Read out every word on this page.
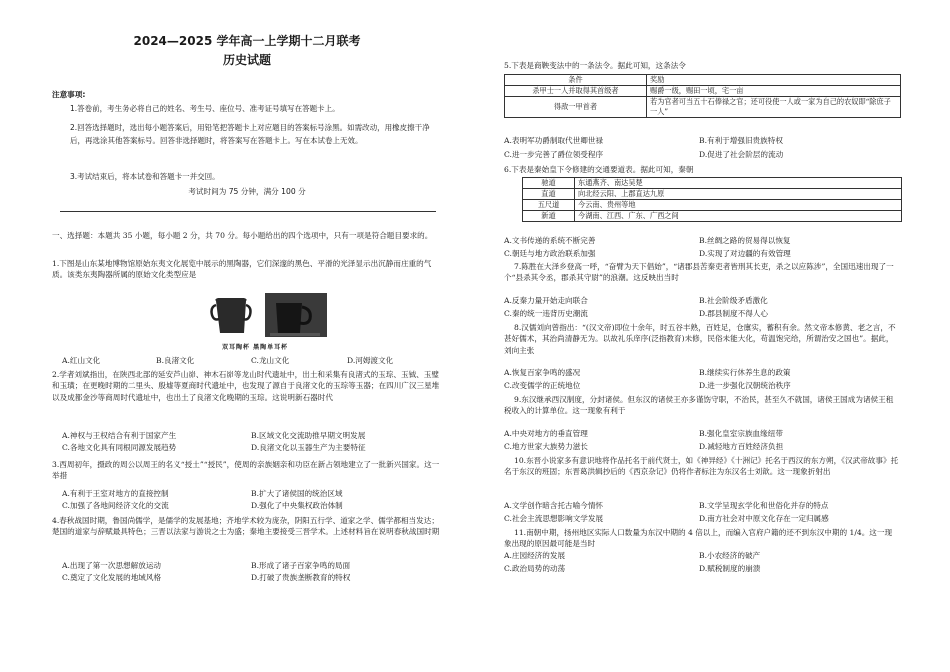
2024—2025 学年高一上学期十二月联考
历史试题
注意事项:
1.答卷前，考生务必将自己的姓名、考生号、座位号、准考证号填写在答题卡上。
2.回答选择题时，选出每小题答案后，用铅笔把答题卡上对应题目的答案标号涂黑。如需改动，用橡皮擦干净后，再选涂其他答案标号。回答非选择题时，将答案写在答题卡上。写在本试卷上无效。
3.考试结束后，将本试卷和答题卡一并交回。
考试时间为 75 分钟，满分 100 分
一、选择题：本题共 35 小题，每小题 2 分，共 70 分。每小题给出的四个选项中，只有一项是符合题目要求的。
1.下图是山东某地博物馆原始东夷文化展览中展示的黑陶器，它们深邃的黑色、平滑的光泽显示出沉静而庄重的气质。该类东夷陶器所属的原始文化类型应是
双耳陶杯 黑陶单耳杯
A.红山文化	B.良渚文化	C.龙山文化	D.河姆渡文化
2.学者刘斌指出，在陕西北部的延安芦山峁、神木石峁等龙山时代遗址中，出土和采集有良渚式的玉琮、玉钺、玉璧和玉璜；在更晚时期的二里头、殷墟等夏商时代遗址中，也发现了源自于良渚文化的玉琮等玉器；在四川广汉三星堆以及成都金沙等商周时代遗址中，也出土了良渚文化晚期的玉琮。这说明新石器时代
A.神权与王权结合有利于国家产生	B.区域文化交流助推早期文明发展
C.各地文化具有同根同源发展趋势	D.良渚文化以玉器生产为主要特征
3.西周初年，摄政的周公以周王的名义“授土”“授民”，使周的亲族姻亲和功臣在新占领地建立了一批新兴国家。这一举措
A.有利于王室对地方的直接控制	B.扩大了诸侯国的统治区域
C.加强了各地间经济文化的交流	D.强化了中央集权政治体制
4.春秋战国时期，鲁国尚儒学，是儒学的发展基地；齐地学术较为庞杂，阴阳五行学、道家之学、儒学都相当发达；楚国的道家与辞赋最具特色；三晋以法家与游说之士为盛；秦地主要接受三晋学术。上述材料旨在说明春秋战国时期
A.出现了第一次思想解放运动	B.形成了诸子百家争鸣的局面
C.奠定了文化发展的地域风格	D.打破了贵族垄断教育的特权
5.下表是商鞅变法中的一条法令。据此可知，这条法令
条件	奖励
杀甲士一人并取得其首级者	赐爵一级，赐田一顷，宅一亩
得敌一甲首者	若为官者可当五十石俸禄之官；还可役使一人或一家为自己的农奴即“除庶子一人”
A.表明军功爵制取代世卿世禄	B.有利于增强旧贵族特权
C.进一步完善了爵位领受程序	D.促进了社会阶层的流动
6.下表是秦始皇下令修建的交通要道表。据此可知，秦朝
驰道	东通燕齐、南达吴楚
直道	向北经云阳、上郡直达九原
五尺道	今云南、贵州等地
新道	今湖南、江西、广东、广西之间
A.文书传递的系统不断完善	B.丝绸之路的贸易得以恢复
C.朝廷与地方政治联系加强	D.实现了对边疆的有效管理
7.陈胜在大泽乡登高一呼，“奋臂为天下倡始”，“诸郡县苦秦吏者皆刑其长吏，杀之以应陈涉”，全国迅速出现了一个“县杀其令丞，郡杀其守尉”的浪潮。这反映出当时
A.反秦力量开始走向联合	B.社会阶级矛盾激化
C.秦的统一违背历史潮流	D.郡县制度不得人心
8.汉儒刘向曾指出：“(汉文帝)即位十余年，时五谷丰熟，百姓足，仓廪实，蓄积有余。然文帝本修黄、老之言，不甚好儒术，其治尚清静无为。以故礼乐庠序(泛指教育)未修，民俗未能大化，苟温饱完给，所谓治安之国也”。据此，刘向主张
A.恢复百家争鸣的盛况	B.继续实行休养生息的政策
C.改变儒学的正统地位	D.进一步强化汉朝统治秩序
9.东汉继承西汉制度，分封诸侯。但东汉的诸侯王亦多谨饬守职，不治民，甚至久不就国，诸侯王国成为诸侯王租税收入的计算单位。这一现象有利于
A.中央对地方的垂直管理	B.强化皇室宗族血缘纽带
C.地方世家大族势力滋长	D.减轻地方百姓经济负担
10.东晋小说家多有意识地将作品托名于前代贤士，如《神异经》《十洲记》托名于西汉的东方朔，《汉武帝故事》托名于东汉的班固；东晋葛洪辑抄后的《西京杂记》仍将作者标注为东汉名士刘歆。这一现象折射出
A.文学创作暗含托古喻今情怀	B.文学呈现玄学化和世俗化并存的特点
C.社会主流思想影响文学发展	D.南方社会对中原文化存在一定归属感
11.南朝中期，扬州地区实际人口数量为东汉中期的 4 倍以上，而编入官府户籍的还不到东汉中期的 1/4。这一现象出现的原因最可能是当时
A.庄园经济的发展	B.小农经济的破产
C.政治局势的动荡	D.赋税制度的崩溃
